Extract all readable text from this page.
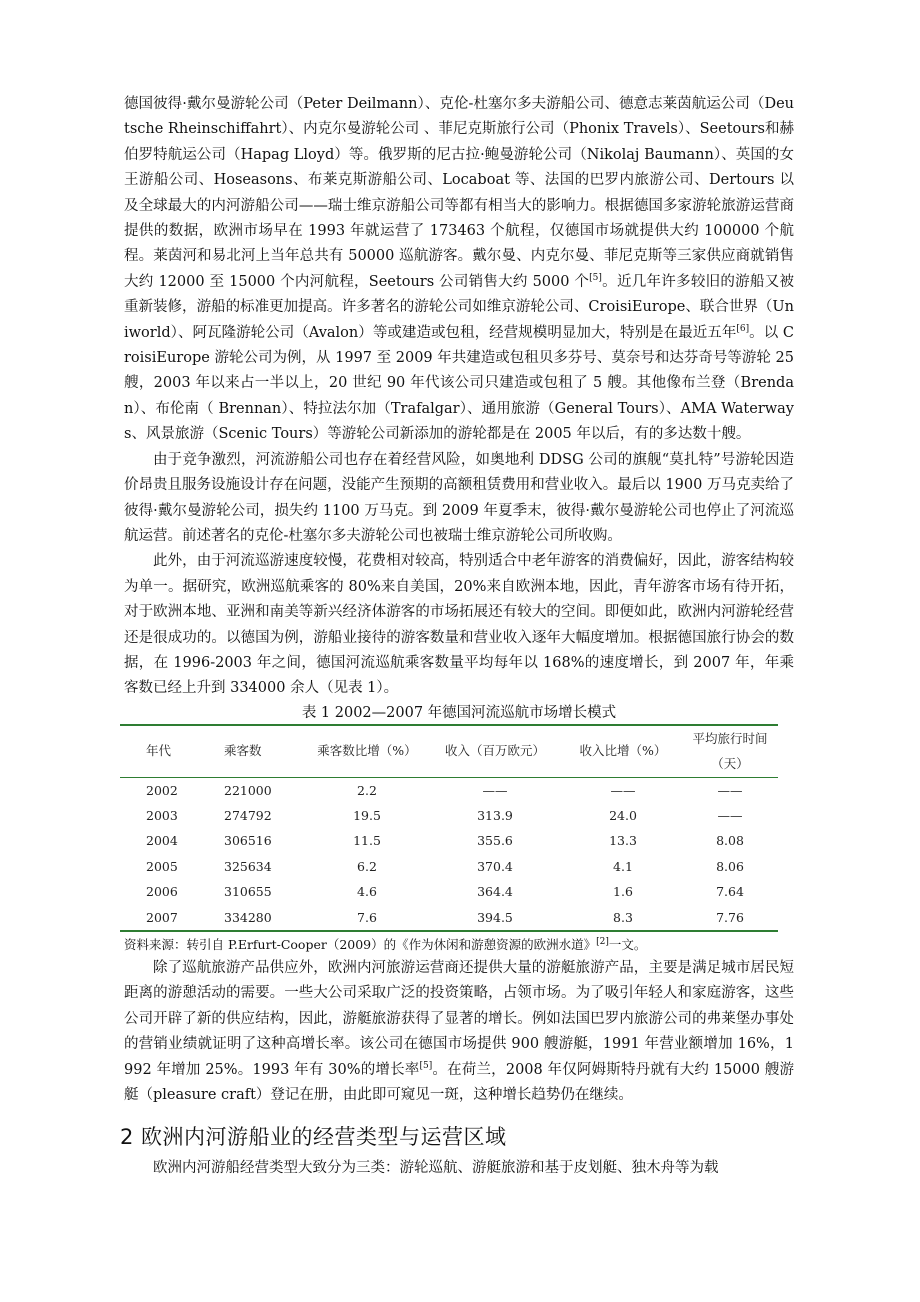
德国彼得·戴尔曼游轮公司（Peter Deilmann）、克伦-杜塞尔多夫游船公司、德意志莱茵航运公司（Deutsche Rheinschiffahrt）、内克尔曼游轮公司 、菲尼克斯旅行公司（Phonix Travels）、Seetours和赫伯罗特航运公司（Hapag Lloyd）等。俄罗斯的尼古拉·鲍曼游轮公司（Nikolaj Baumann）、英国的女王游船公司、Hoseasons、布莱克斯游船公司、Locaboat 等、法国的巴罗内旅游公司、Dertours 以及全球最大的内河游船公司——瑞士维京游船公司等都有相当大的影响力。根据德国多家游轮旅游运营商提供的数据，欧洲市场早在 1993 年就运营了 173463 个航程，仅德国市场就提供大约 100000 个航程。莱茵河和易北河上当年总共有 50000 巡航游客。戴尔曼、内克尔曼、菲尼克斯等三家供应商就销售大约 12000 至 15000 个内河航程，Seetours 公司销售大约 5000 个[5]。近几年许多较旧的游船又被重新装修，游船的标准更加提高。许多著名的游轮公司如维京游轮公司、CroisiEurope、联合世界（Uniworld）、阿瓦隆游轮公司（Avalon）等或建造或包租，经营规模明显加大，特别是在最近五年[6]。以 CroisiEurope 游轮公司为例，从 1997 至 2009 年共建造或包租贝多芬号、莫奈号和达芬奇号等游轮 25 艘，2003 年以来占一半以上，20 世纪 90 年代该公司只建造或包租了 5 艘。其他像布兰登（Brendan）、布伦南（ Brennan）、特拉法尔加（Trafalgar）、通用旅游（General Tours）、AMA Waterways、风景旅游（Scenic Tours）等游轮公司新添加的游轮都是在 2005 年以后，有的多达数十艘。

由于竞争激烈，河流游船公司也存在着经营风险，如奥地利 DDSG 公司的旗舰“莫扎特”号游轮因造价昂贵且服务设施设计存在问题，没能产生预期的高额租赁费用和营业收入。最后以 1900 万马克卖给了彼得·戴尔曼游轮公司，损失约 1100 万马克。到 2009 年夏季末，彼得·戴尔曼游轮公司也停止了河流巡航运营。前述著名的克伦-杜塞尔多夫游轮公司也被瑞士维京游轮公司所收购。

此外，由于河流巡游速度较慢，花费相对较高，特别适合中老年游客的消费偏好，因此，游客结构较为单一。据研究，欧洲巡航乘客的 80%来自美国，20%来自欧洲本地，因此，青年游客市场有待开拓，对于欧洲本地、亚洲和南美等新兴经济体游客的市场拓展还有较大的空间。即便如此，欧洲内河游轮经营还是很成功的。以德国为例，游船业接待的游客数量和营业收入逐年大幅度增加。根据德国旅行协会的数据，在 1996-2003 年之间，德国河流巡航乘客数量平均每年以 168%的速度增长，到 2007 年，年乘客数已经上升到 334000 余人（见表 1）。

表 1 2002—2007 年德国河流巡航市场增长模式
年代	乘客数	乘客数比增（%）	收入（百万欧元）	收入比增（%）	平均旅行时间（天）
2002	221000	2.2	——	——	——
2003	274792	19.5	313.9	24.0	——
2004	306516	11.5	355.6	13.3	8.08
2005	325634	6.2	370.4	4.1	8.06
2006	310655	4.6	364.4	1.6	7.64
2007	334280	7.6	394.5	8.3	7.76

资料来源：转引自 P.Erfurt-Cooper（2009）的《作为休闲和游憩资源的欧洲水道》[2]一文。

除了巡航旅游产品供应外，欧洲内河旅游运营商还提供大量的游艇旅游产品，主要是满足城市居民短距离的游憩活动的需要。一些大公司采取广泛的投资策略，占领市场。为了吸引年轻人和家庭游客，这些公司开辟了新的供应结构，因此，游艇旅游获得了显著的增长。例如法国巴罗内旅游公司的弗莱堡办事处的营销业绩就证明了这种高增长率。该公司在德国市场提供 900 艘游艇，1991 年营业额增加 16%，1992 年增加 25%。1993 年有 30%的增长率[5]。在荷兰，2008 年仅阿姆斯特丹就有大约 15000 艘游艇（pleasure craft）登记在册，由此即可窥见一斑，这种增长趋势仍在继续。

2 欧洲内河游船业的经营类型与运营区域

欧洲内河游船经营类型大致分为三类：游轮巡航、游艇旅游和基于皮划艇、独木舟等为载
